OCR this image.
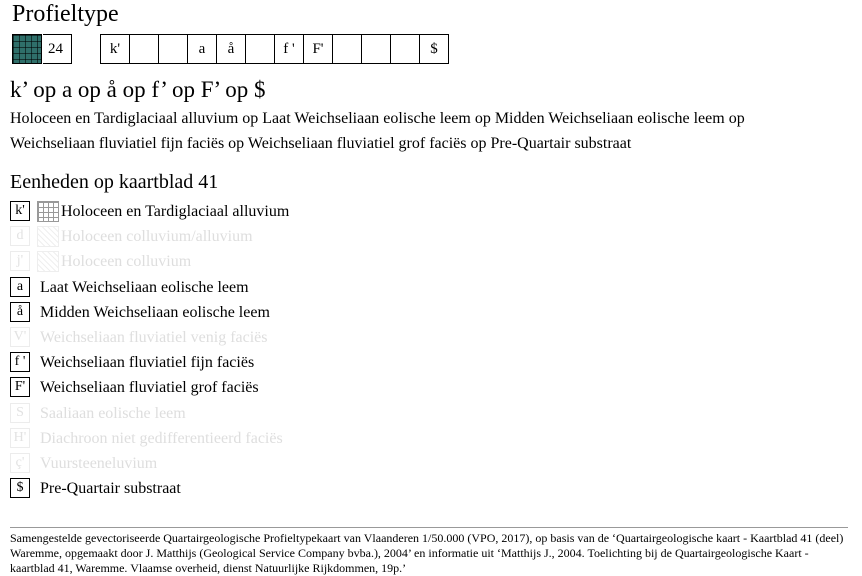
Profieltype
24	k'	a	å	f '	F'	$
k’ op a op å op f’ op F’ op $
Holoceen en Tardiglaciaal alluvium op Laat Weichseliaan eolische leem op Midden Weichseliaan eolische leem op Weichseliaan fluviatiel fijn faciës op Weichseliaan fluviatiel grof faciës op Pre-Quartair substraat
Eenheden op kaartblad 41
k'	Holoceen en Tardiglaciaal alluvium
d	Holoceen colluvium/alluvium
j'	Holoceen colluvium
a	Laat Weichseliaan eolische leem
å	Midden Weichseliaan eolische leem
V' Weichseliaan fluviatiel venig faciës
f ' Weichseliaan fluviatiel fijn faciës
F' Weichseliaan fluviatiel grof faciës
S	Saaliaan eolische leem
H' Diachroon niet gedifferentieerd faciës
ç' Vuursteeneluvium
$	Pre-Quartair substraat
Samengestelde gevectoriseerde Quartairgeologische Profieltypekaart van Vlaanderen 1/50.000 (VPO, 2017), op basis van de ‘Quartairgeologische kaart - Kaartblad 41 (deel) Waremme, opgemaakt door J. Matthijs (Geological Service Company bvba.), 2004’ en informatie uit ‘Matthijs J., 2004. Toelichting bij de Quartairgeologische Kaart - kaartblad 41, Waremme. Vlaamse overheid, dienst Natuurlijke Rijkdommen, 19p.’
